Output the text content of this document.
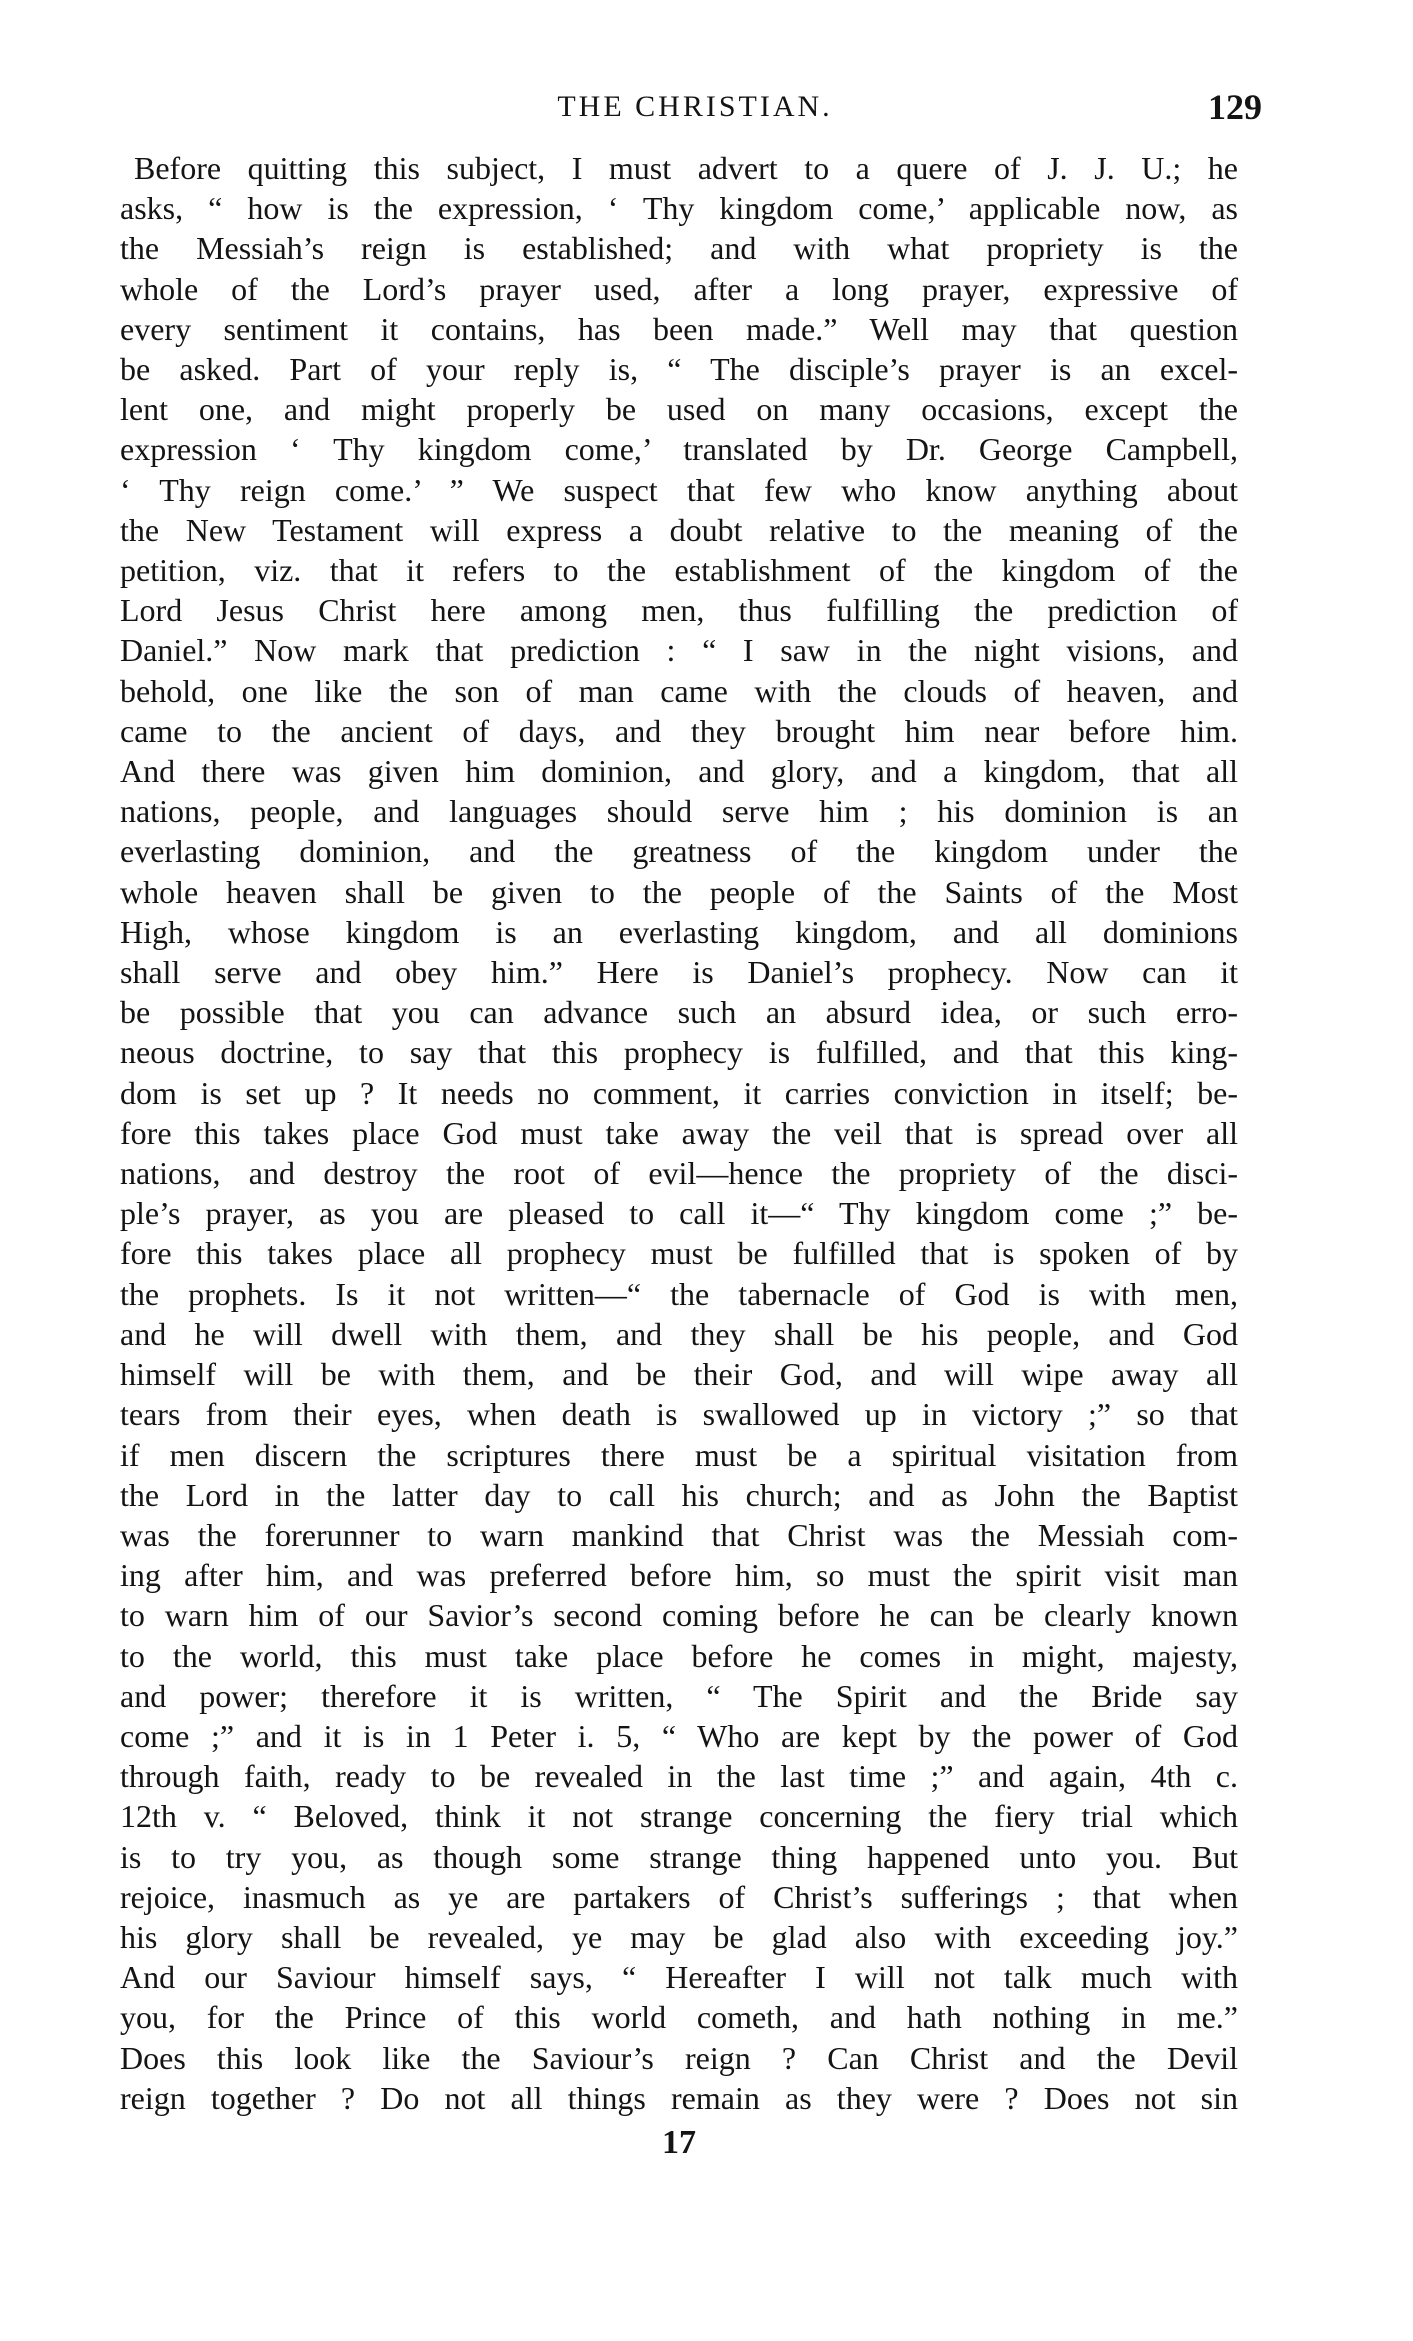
THE CHRISTIAN.	129
Before quitting this subject, I must advert to a quere of J. J. U.; he
asks, “ how is the expression, ‘ Thy kingdom come,’ applicable now, as
the Messiah’s reign is established; and with what propriety is the
whole of the Lord’s prayer used, after a long prayer, expressive of
every sentiment it contains, has been made.” Well may that question
be asked. Part of your reply is, “ The disciple’s prayer is an excel-
lent one, and might properly be used on many occasions, except the
expression ‘ Thy kingdom come,’ translated by Dr. George Campbell,
‘ Thy reign come.’ ” We suspect that few who know anything about
the New Testament will express a doubt relative to the meaning of the
petition, viz. that it refers to the establishment of the kingdom of the
Lord Jesus Christ here among men, thus fulfilling the prediction of
Daniel.” Now mark that prediction : “ I saw in the night visions, and
behold, one like the son of man came with the clouds of heaven, and
came to the ancient of days, and they brought him near before him.
And there was given him dominion, and glory, and a kingdom, that all
nations, people, and languages should serve him ; his dominion is an
everlasting dominion, and the greatness of the kingdom under the
whole heaven shall be given to the people of the Saints of the Most
High, whose kingdom is an everlasting kingdom, and all dominions
shall serve and obey him.” Here is Daniel’s prophecy. Now can it
be possible that you can advance such an absurd idea, or such erro-
neous doctrine, to say that this prophecy is fulfilled, and that this king-
dom is set up ? It needs no comment, it carries conviction in itself; be-
fore this takes place God must take away the veil that is spread over all
nations, and destroy the root of evil—hence the propriety of the disci-
ple’s prayer, as you are pleased to call it—“ Thy kingdom come ;” be-
fore this takes place all prophecy must be fulfilled that is spoken of by
the prophets. Is it not written—“ the tabernacle of God is with men,
and he will dwell with them, and they shall be his people, and God
himself will be with them, and be their God, and will wipe away all
tears from their eyes, when death is swallowed up in victory ;” so that
if men discern the scriptures there must be a spiritual visitation from
the Lord in the latter day to call his church; and as John the Baptist
was the forerunner to warn mankind that Christ was the Messiah com-
ing after him, and was preferred before him, so must the spirit visit man
to warn him of our Savior’s second coming before he can be clearly known
to the world, this must take place before he comes in might, majesty,
and power; therefore it is written, “ The Spirit and the Bride say
come ;” and it is in 1 Peter i. 5, “ Who are kept by the power of God
through faith, ready to be revealed in the last time ;” and again, 4th c.
12th v. “ Beloved, think it not strange concerning the fiery trial which
is to try you, as though some strange thing happened unto you. But
rejoice, inasmuch as ye are partakers of Christ’s sufferings ; that when
his glory shall be revealed, ye may be glad also with exceeding joy.”
And our Saviour himself says, “ Hereafter I will not talk much with
you, for the Prince of this world cometh, and hath nothing in me.”
Does this look like the Saviour’s reign ? Can Christ and the Devil
reign together ? Do not all things remain as they were ? Does not sin
17
